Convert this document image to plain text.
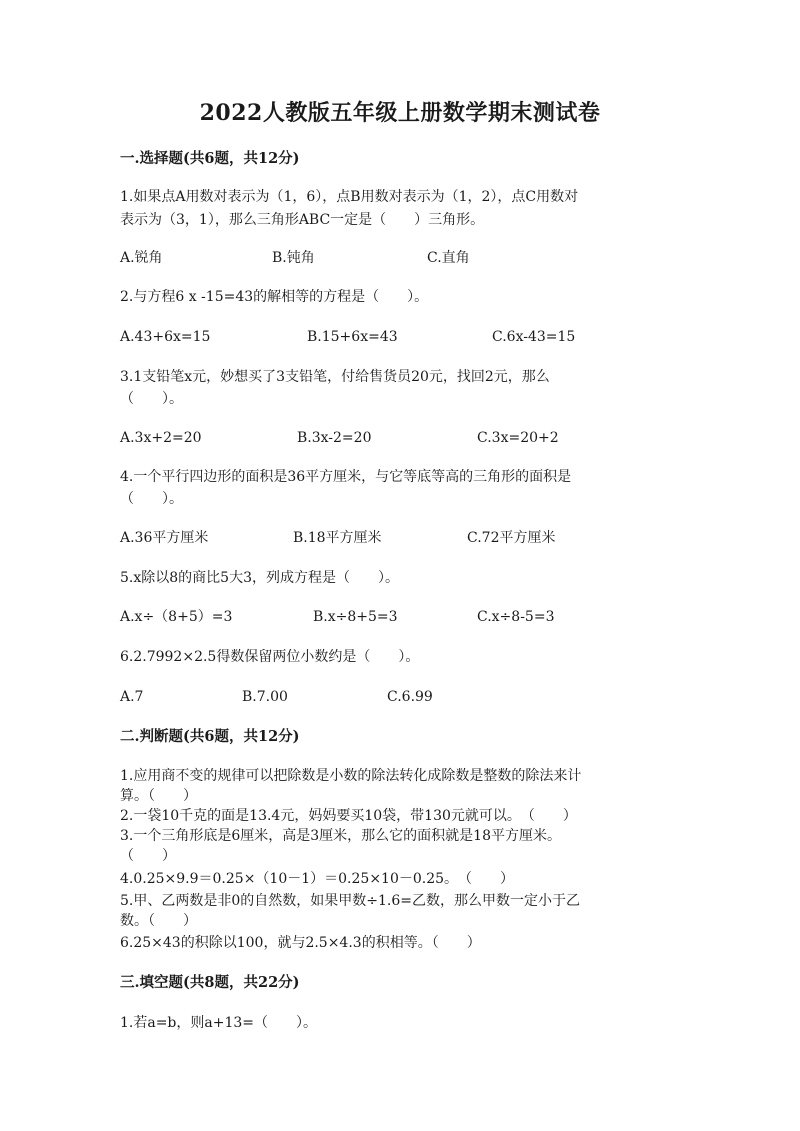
2022人教版五年级上册数学期末测试卷
一.选择题(共6题，共12分)
1.如果点A用数对表示为（1，6），点B用数对表示为（1，2），点C用数对
表示为（3，1），那么三角形ABC一定是（　　）三角形。
A.锐角	B.钝角	C.直角
2.与方程6 x -15=43的解相等的方程是（　　）。
A.43+6x=15	B.15+6x=43	C.6x-43=15
3.1支铅笔x元，妙想买了3支铅笔，付给售货员20元，找回2元，那么
（　　）。
A.3x+2=20	B.3x-2=20	C.3x=20+2
4.一个平行四边形的面积是36平方厘米，与它等底等高的三角形的面积是
（　　）。
A.36平方厘米	B.18平方厘米	C.72平方厘米
5.x除以8的商比5大3，列成方程是（　　）。
A.x÷（8+5）=3	B.x÷8+5=3	C.x÷8-5=3
6.2.7992×2.5得数保留两位小数约是（　　）。
A.7	B.7.00	C.6.99
二.判断题(共6题，共12分)
1.应用商不变的规律可以把除数是小数的除法转化成除数是整数的除法来计
算。（　　）
2.一袋10千克的面是13.4元，妈妈要买10袋，带130元就可以。　（　　）
3.一个三角形底是6厘米，高是3厘米，那么它的面积就是18平方厘米。
（　　）
4.0.25×9.9＝0.25×（10－1）＝0.25×10－0.25。　（　　）
5.甲、乙两数是非0的自然数，如果甲数÷1.6=乙数，那么甲数一定小于乙
数。（　　）
6.25×43的积除以100，就与2.5×4.3的积相等。（　　）
三.填空题(共8题，共22分)
1.若a=b，则a+13=（　　）。
